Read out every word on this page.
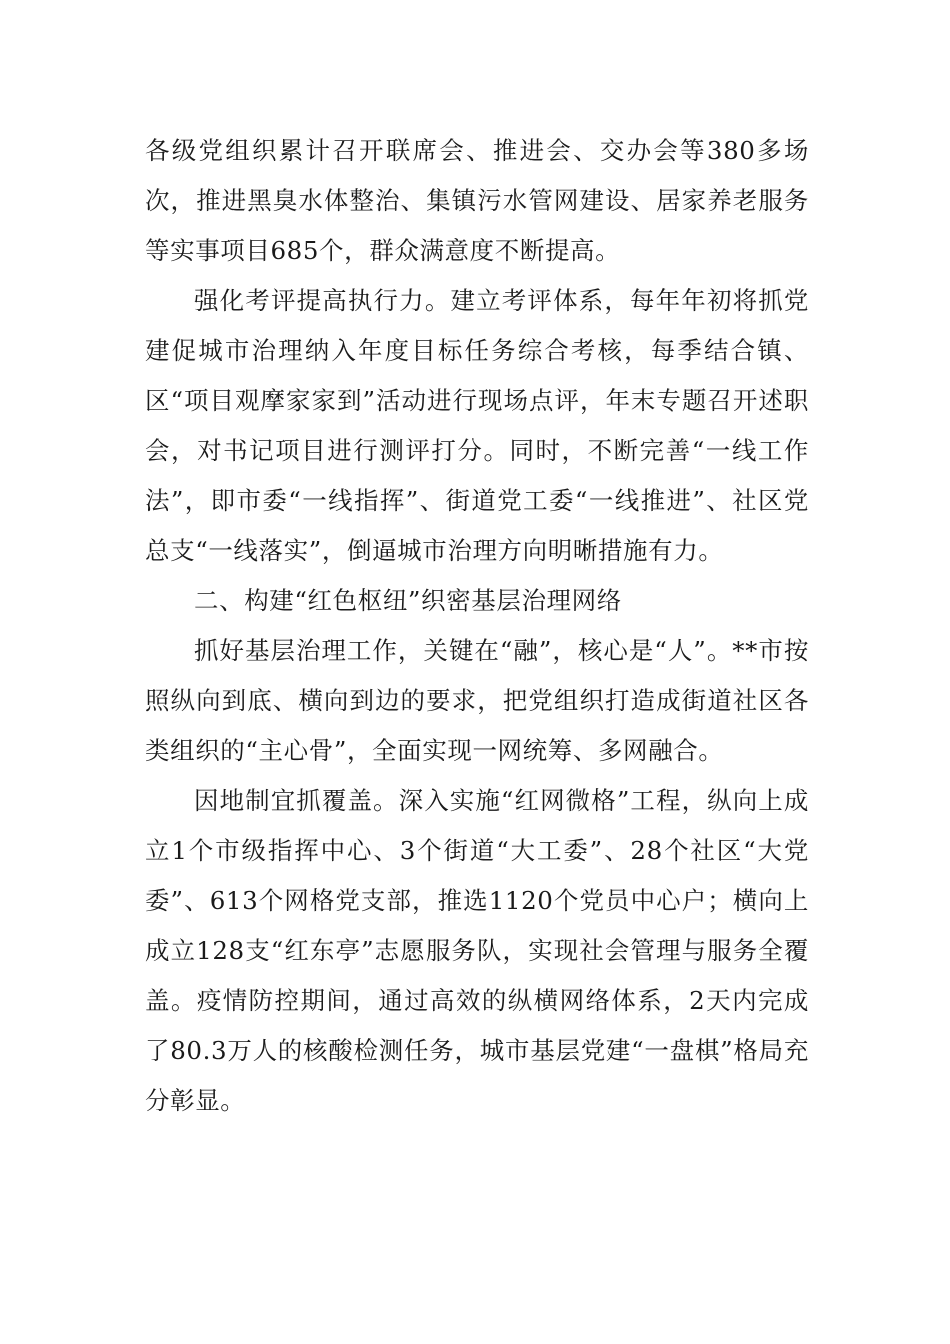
各级党组织累计召开联席会、推进会、交办会等380多场次，推进黑臭水体整治、集镇污水管网建设、居家养老服务等实事项目685个，群众满意度不断提高。

强化考评提高执行力。建立考评体系，每年年初将抓党建促城市治理纳入年度目标任务综合考核，每季结合镇、区“项目观摩家家到”活动进行现场点评，年末专题召开述职会，对书记项目进行测评打分。同时，不断完善“一线工作法”，即市委“一线指挥”、街道党工委“一线推进”、社区党总支“一线落实”，倒逼城市治理方向明晰措施有力。

二、构建“红色枢纽”织密基层治理网络

抓好基层治理工作，关键在“融”，核心是“人”。**市按照纵向到底、横向到边的要求，把党组织打造成街道社区各类组织的“主心骨”，全面实现一网统筹、多网融合。

因地制宜抓覆盖。深入实施“红网微格”工程，纵向上成立1个市级指挥中心、3个街道“大工委”、28个社区“大党委”、613个网格党支部，推选1120个党员中心户；横向上成立128支“红东亭”志愿服务队，实现社会管理与服务全覆盖。疫情防控期间，通过高效的纵横网络体系，2天内完成了80.3万人的核酸检测任务，城市基层党建“一盘棋”格局充分彰显。
